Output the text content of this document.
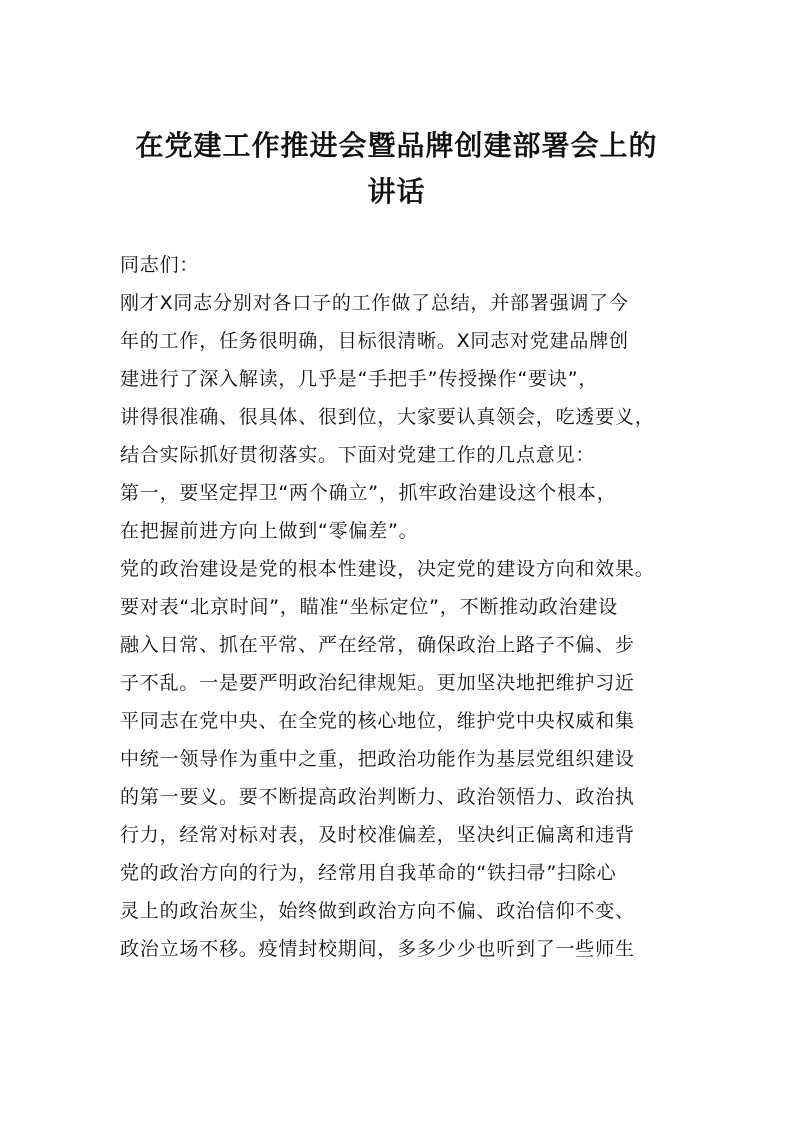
在党建工作推进会暨品牌创建部署会上的
讲话
同志们：
刚才X同志分别对各口子的工作做了总结，并部署强调了今
年的工作，任务很明确，目标很清晰。X同志对党建品牌创
建进行了深入解读，几乎是“手把手”传授操作“要诀”，
讲得很准确、很具体、很到位，大家要认真领会，吃透要义，
结合实际抓好贯彻落实。下面对党建工作的几点意见：
第一，要坚定捍卫“两个确立”，抓牢政治建设这个根本，
在把握前进方向上做到“零偏差”。
党的政治建设是党的根本性建设，决定党的建设方向和效果。
要对表“北京时间”，瞄准“坐标定位”，不断推动政治建设
融入日常、抓在平常、严在经常，确保政治上路子不偏、步
子不乱。一是要严明政治纪律规矩。更加坚决地把维护习近
平同志在党中央、在全党的核心地位，维护党中央权威和集
中统一领导作为重中之重，把政治功能作为基层党组织建设
的第一要义。要不断提高政治判断力、政治领悟力、政治执
行力，经常对标对表，及时校准偏差，坚决纠正偏离和违背
党的政治方向的行为，经常用自我革命的“铁扫帚”扫除心
灵上的政治灰尘，始终做到政治方向不偏、政治信仰不变、
政治立场不移。疫情封校期间，多多少少也听到了一些师生
